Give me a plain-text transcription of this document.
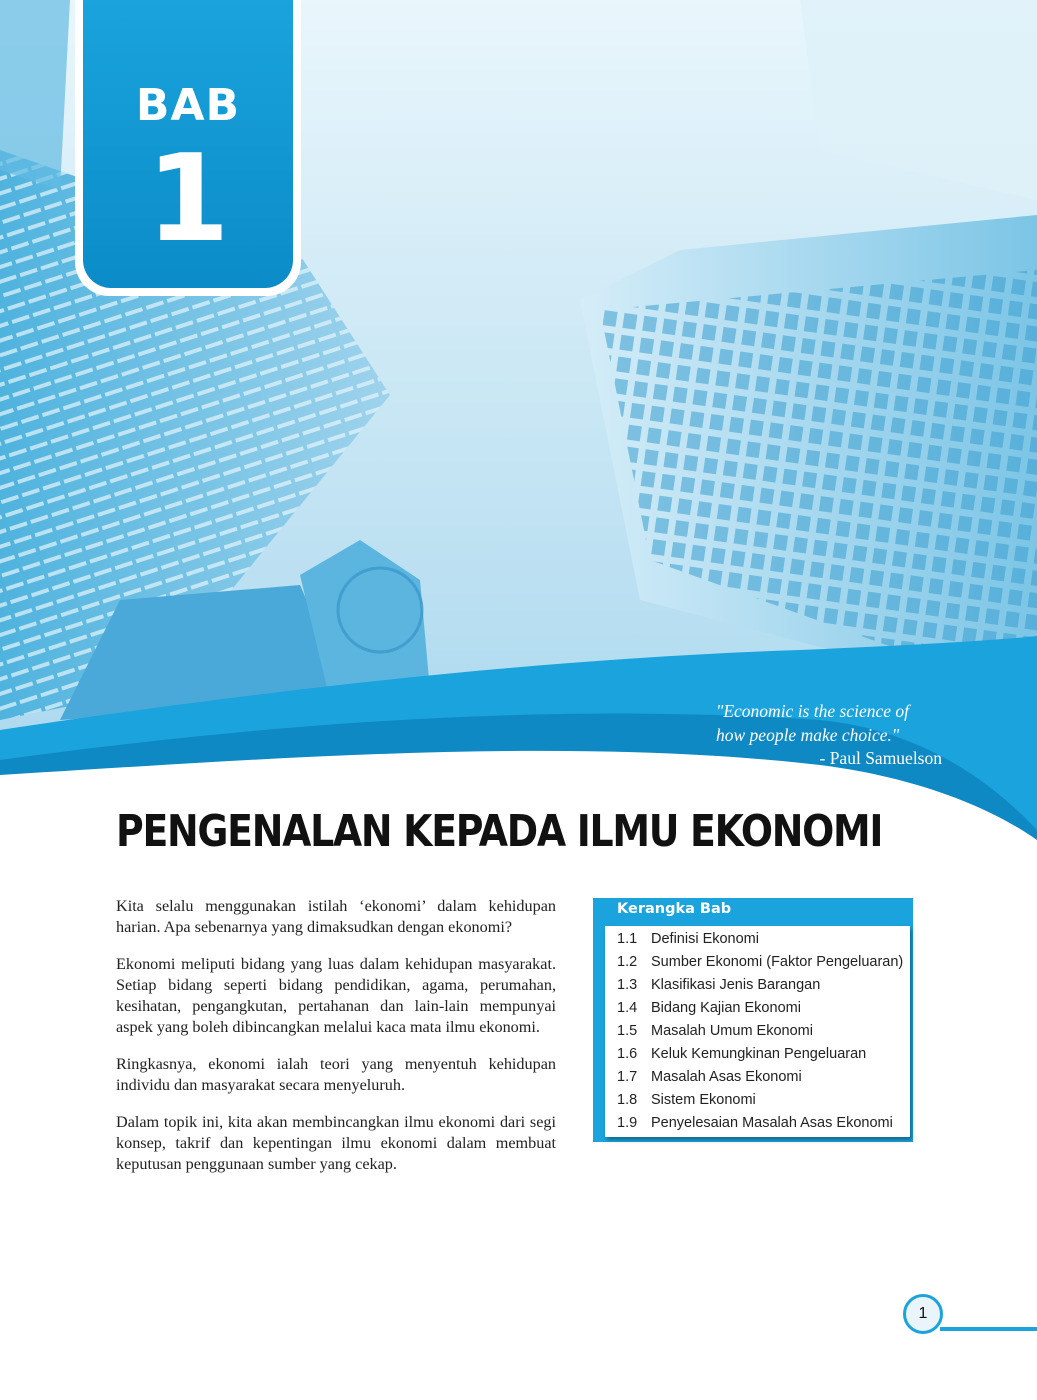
BAB
1
"Economic is the science of how people make choice."
- Paul Samuelson
PENGENALAN KEPADA ILMU EKONOMI

Kita selalu menggunakan istilah ‘ekonomi’ dalam kehidupan harian. Apa sebenarnya yang dimaksudkan dengan ekonomi?

Ekonomi meliputi bidang yang luas dalam kehidupan masyarakat. Setiap bidang seperti bidang pendidikan, agama, perumahan, kesihatan, pengangkutan, pertahanan dan lain-lain mempunyai aspek yang boleh dibincangkan melalui kaca mata ilmu ekonomi.

Ringkasnya, ekonomi ialah teori yang menyentuh kehidupan individu dan masyarakat secara menyeluruh.

Dalam topik ini, kita akan membincangkan ilmu ekonomi dari segi konsep, takrif dan kepentingan ilmu ekonomi dalam membuat keputusan penggunaan sumber yang cekap.

Kerangka Bab
1.1 Definisi Ekonomi
1.2 Sumber Ekonomi (Faktor Pengeluaran)
1.3 Klasifikasi Jenis Barangan
1.4 Bidang Kajian Ekonomi
1.5 Masalah Umum Ekonomi
1.6 Keluk Kemungkinan Pengeluaran
1.7 Masalah Asas Ekonomi
1.8 Sistem Ekonomi
1.9 Penyelesaian Masalah Asas Ekonomi
1
